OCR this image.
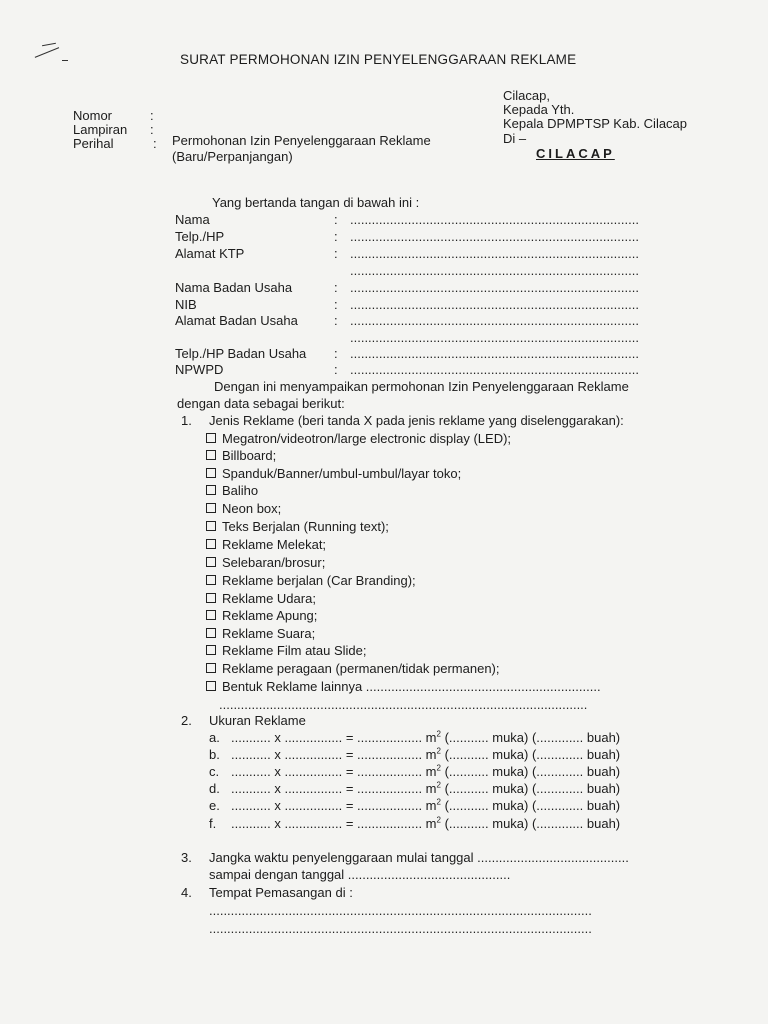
SURAT PERMOHONAN IZIN PENYELENGGARAAN REKLAME
Nomor	:
Lampiran :
Perihal	: Permohonan Izin Penyelenggaraan Reklame
(Baru/Perpanjangan)
Cilacap,
Kepada Yth.
Kepala DPMPTSP Kab. Cilacap
Di –
CILACAP
Yang bertanda tangan di bawah ini :
Nama	: ................................................................................
Telp./HP	: ................................................................................
Alamat KTP	: ................................................................................
................................................................................
Nama Badan Usaha	: ................................................................................
NIB	: ................................................................................
Alamat Badan Usaha	: ................................................................................
................................................................................
Telp./HP Badan Usaha : ................................................................................
NPWPD	: ................................................................................
Dengan ini menyampaikan permohonan Izin Penyelenggaraan Reklame
dengan data sebagai berikut:
1. Jenis Reklame (beri tanda X pada jenis reklame yang diselenggarakan):
Megatron/videotron/large electronic display (LED);
Billboard;
Spanduk/Banner/umbul-umbul/layar toko;
Baliho
Neon box;
Teks Berjalan (Running text);
Reklame Melekat;
Selebaran/brosur;
Reklame berjalan (Car Branding);
Reklame Udara;
Reklame Apung;
Reklame Suara;
Reklame Film atau Slide;
Reklame peragaan (permanen/tidak permanen);
Bentuk Reklame lainnya .................................................................
......................................................................................................
2. Ukuran Reklame
a. ........... x ................ = .................. $m^2$ (........... muka) (............. buah)
b. ........... x ................ = .................. $m^2$ (........... muka) (............. buah)
c. ........... x ................ = .................. $m^2$ (........... muka) (............. buah)
d. ........... x ................ = .................. $m^2$ (........... muka) (............. buah)
e. ........... x ................ = .................. $m^2$ (........... muka) (............. buah)
f. ........... x ................ = .................. $m^2$ (........... muka) (............. buah)
3. Jangka waktu penyelenggaraan mulai tanggal ..........................................
sampai dengan tanggal .............................................
4. Tempat Pemasangan di :
..........................................................................................................
..........................................................................................................
